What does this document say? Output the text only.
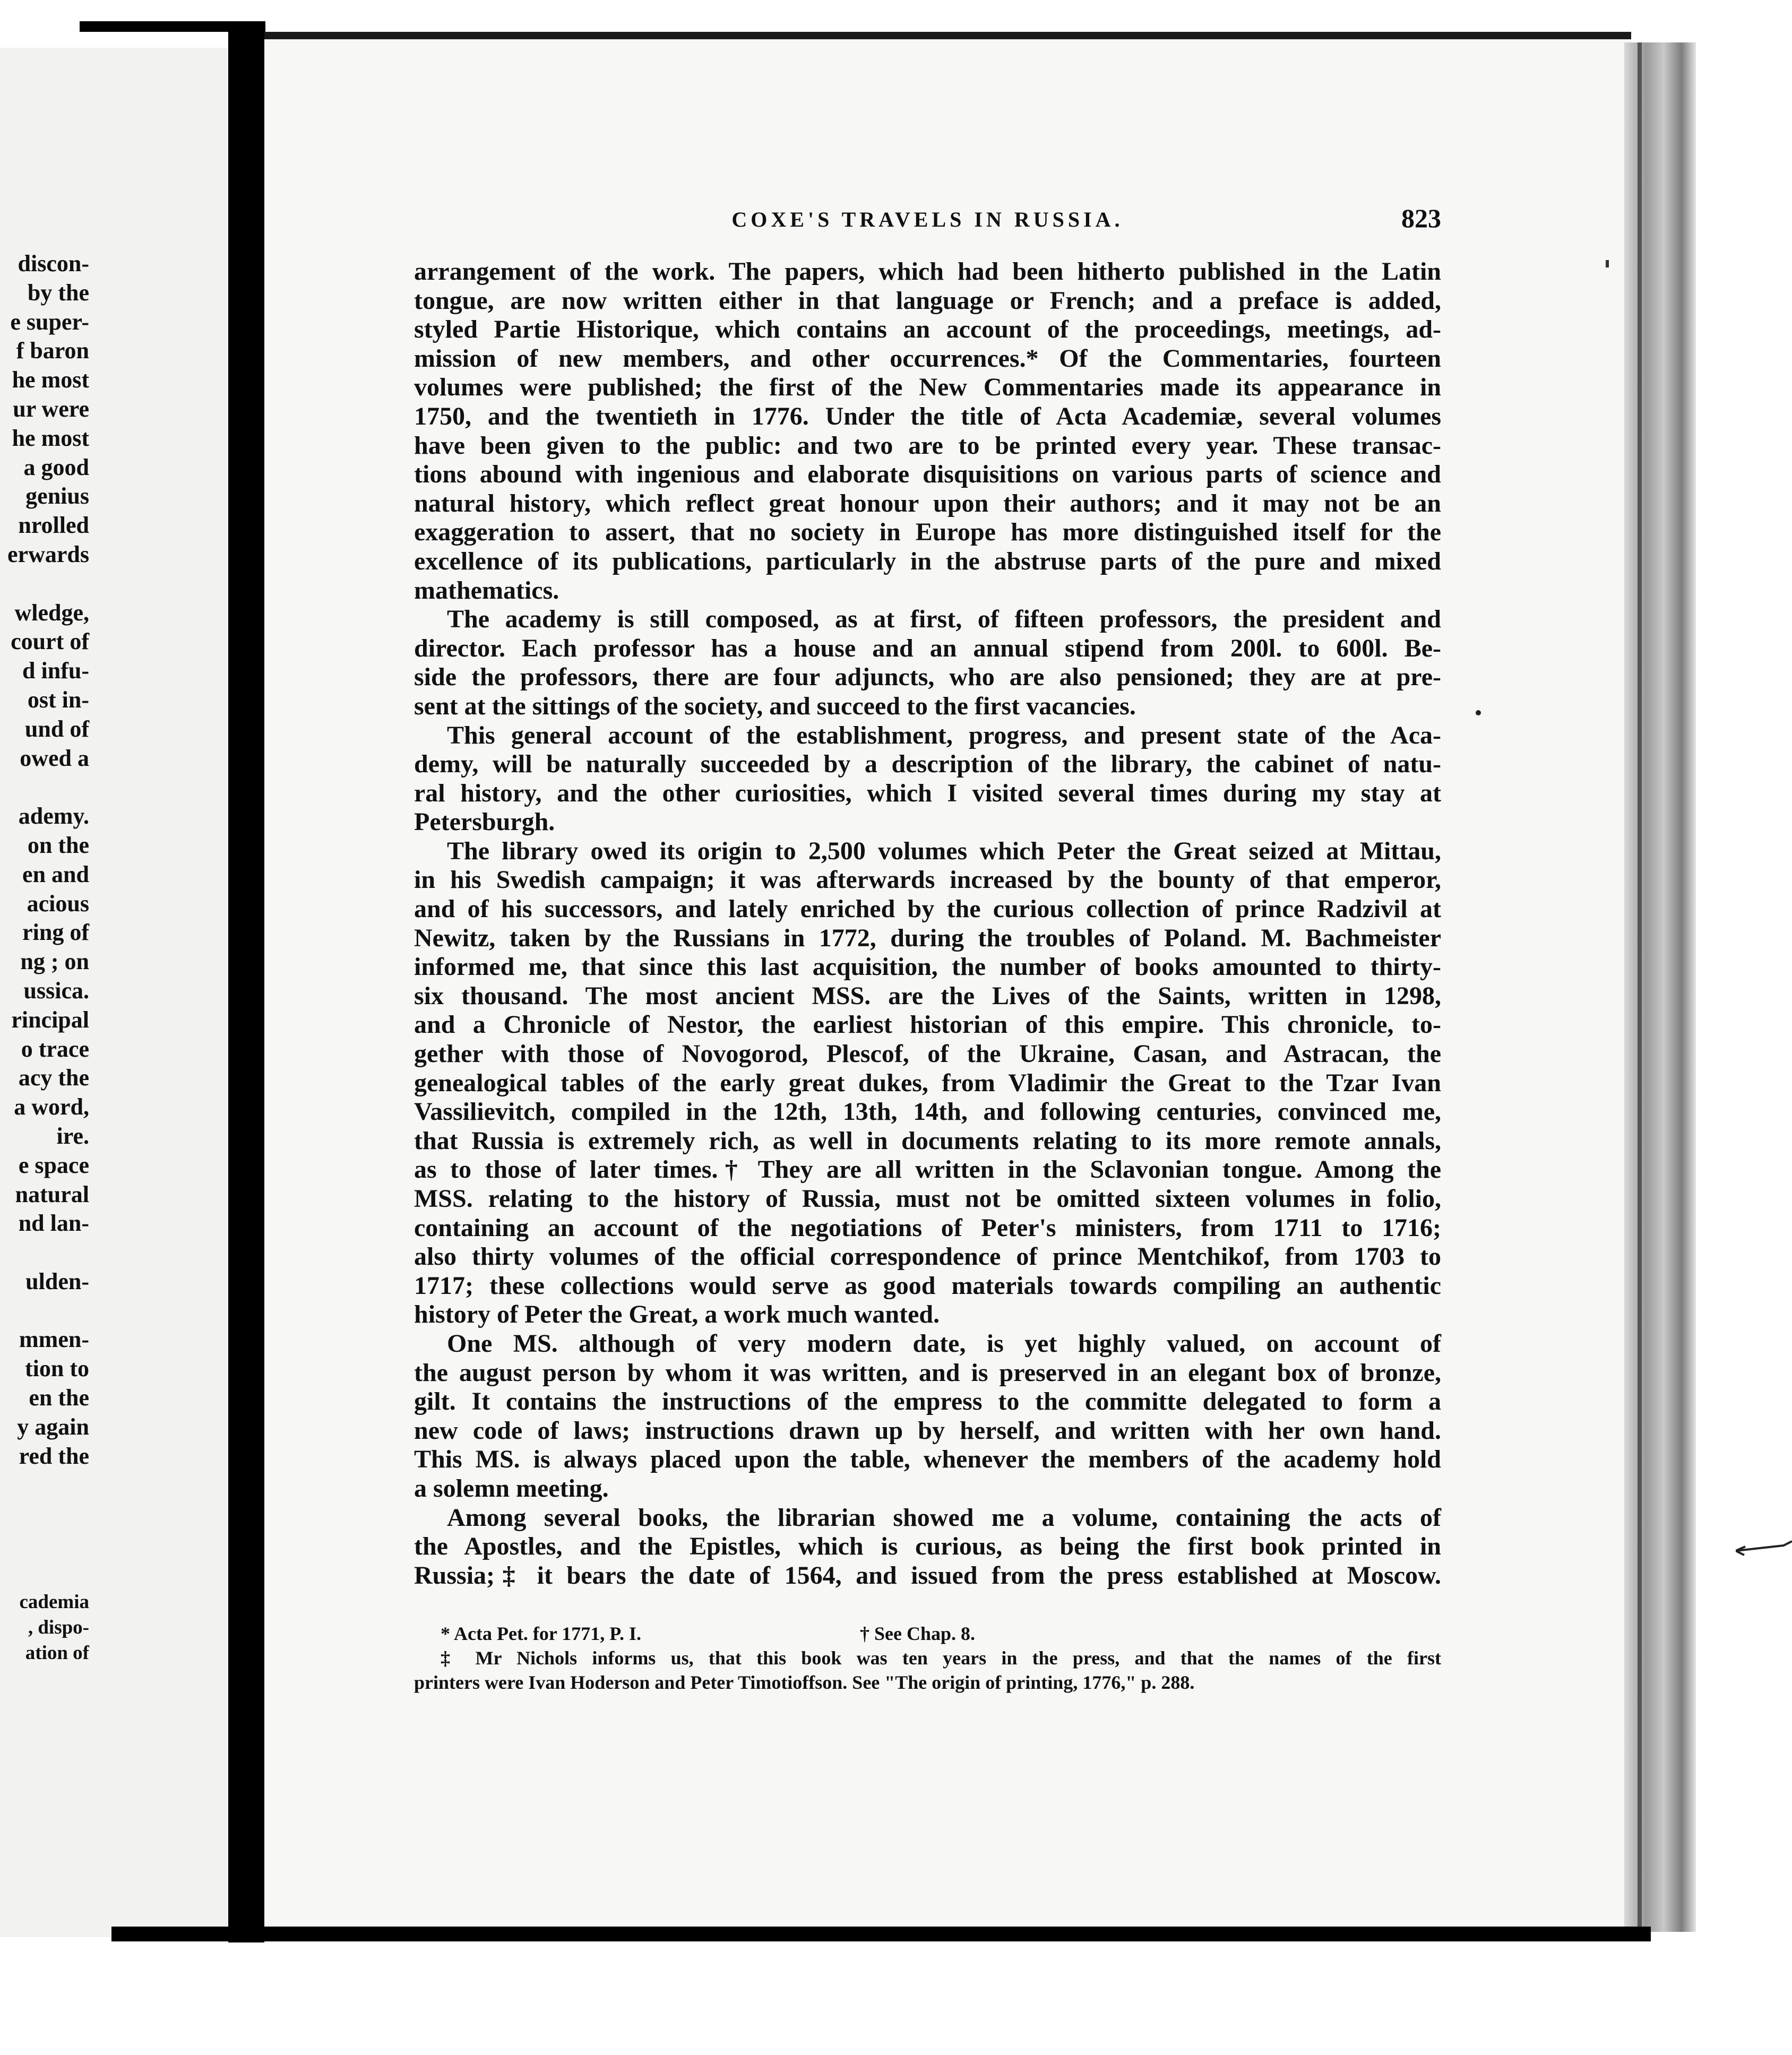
discon-
by the
e super-
f baron
he most
ur were
he most
a good
genius
nrolled
erwards
wledge,
court of
d infu-
ost in-
und of
owed a
ademy.
on the
en and
acious
ring of
ng ; on
ussica.
rincipal
o trace
acy the
a word,
ire.
e space
natural
nd lan-
ulden-
mmen-
tion to
en the
y again
red the
cademia
, dispo-
ation of
COXE'S TRAVELS IN RUSSIA.	823
arrangement of the work. The papers, which had been hitherto published in the Latin
tongue, are now written either in that language or French; and a preface is added,
styled Partie Historique, which contains an account of the proceedings, meetings, ad-
mission of new members, and other occurrences.* Of the Commentaries, fourteen
volumes were published; the first of the New Commentaries made its appearance in
1750, and the twentieth in 1776. Under the title of Acta Academiæ, several volumes
have been given to the public: and two are to be printed every year. These transac-
tions abound with ingenious and elaborate disquisitions on various parts of science and
natural history, which reflect great honour upon their authors; and it may not be an
exaggeration to assert, that no society in Europe has more distinguished itself for the
excellence of its publications, particularly in the abstruse parts of the pure and mixed
mathematics.
The academy is still composed, as at first, of fifteen professors, the president and
director. Each professor has a house and an annual stipend from 200l. to 600l. Be-
side the professors, there are four adjuncts, who are also pensioned; they are at pre-
sent at the sittings of the society, and succeed to the first vacancies.
This general account of the establishment, progress, and present state of the Aca-
demy, will be naturally succeeded by a description of the library, the cabinet of natu-
ral history, and the other curiosities, which I visited several times during my stay at
Petersburgh.
The library owed its origin to 2,500 volumes which Peter the Great seized at Mittau,
in his Swedish campaign; it was afterwards increased by the bounty of that emperor,
and of his successors, and lately enriched by the curious collection of prince Radzivil at
Newitz, taken by the Russians in 1772, during the troubles of Poland. M. Bachmeister
informed me, that since this last acquisition, the number of books amounted to thirty-
six thousand. The most ancient MSS. are the Lives of the Saints, written in 1298,
and a Chronicle of Nestor, the earliest historian of this empire. This chronicle, to-
gether with those of Novogorod, Plescof, of the Ukraine, Casan, and Astracan, the
genealogical tables of the early great dukes, from Vladimir the Great to the Tzar Ivan
Vassilievitch, compiled in the 12th, 13th, 14th, and following centuries, convinced me,
that Russia is extremely rich, as well in documents relating to its more remote annals,
as to those of later times.† They are all written in the Sclavonian tongue. Among the
MSS. relating to the history of Russia, must not be omitted sixteen volumes in folio,
containing an account of the negotiations of Peter's ministers, from 1711 to 1716;
also thirty volumes of the official correspondence of prince Mentchikof, from 1703 to
1717; these collections would serve as good materials towards compiling an authentic
history of Peter the Great, a work much wanted.
One MS. although of very modern date, is yet highly valued, on account of
the august person by whom it was written, and is preserved in an elegant box of bronze,
gilt. It contains the instructions of the empress to the committe delegated to form a
new code of laws; instructions drawn up by herself, and written with her own hand.
This MS. is always placed upon the table, whenever the members of the academy hold
a solemn meeting.
Among several books, the librarian showed me a volume, containing the acts of
the Apostles, and the Epistles, which is curious, as being the first book printed in
Russia;‡ it bears the date of 1564, and issued from the press established at Moscow.
* Acta Pet. for 1771, P. I.	† See Chap. 8.
‡ Mr Nichols informs us, that this book was ten years in the press, and that the names of the first
printers were Ivan Hoderson and Peter Timotioffson. See "The origin of printing, 1776," p. 288.
